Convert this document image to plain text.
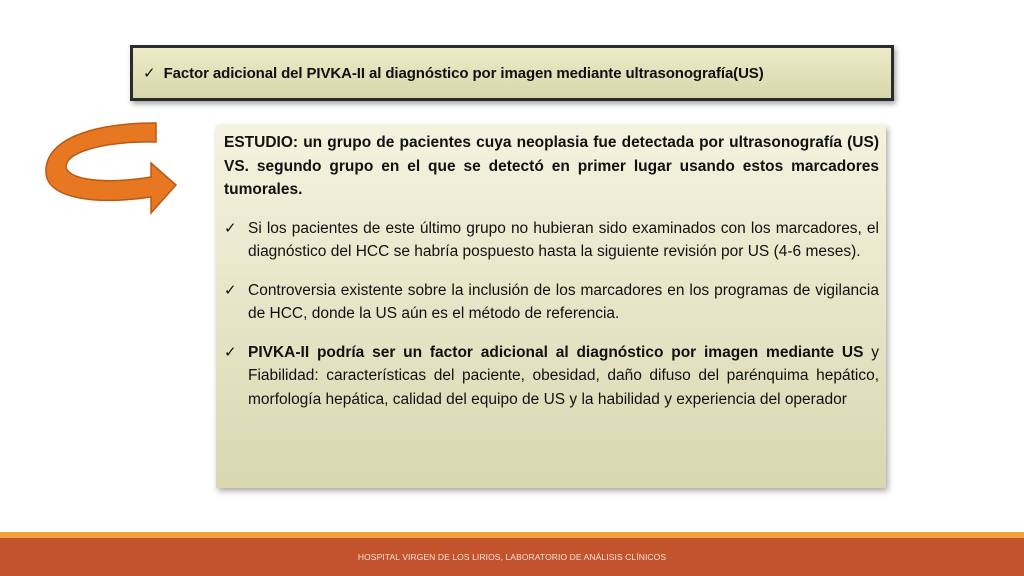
✓ Factor adicional del PIVKA-II al diagnóstico por imagen mediante ultrasonografía(US)

ESTUDIO: un grupo de pacientes cuya neoplasia fue detectada por ultrasonografía (US) VS. segundo grupo en el que se detectó en primer lugar usando estos marcadores tumorales.

✓ Si los pacientes de este último grupo no hubieran sido examinados con los marcadores, el diagnóstico del HCC se habría pospuesto hasta la siguiente revisión por US (4-6 meses).
✓ Controversia existente sobre la inclusión de los marcadores en los programas de vigilancia de HCC, donde la US aún es el método de referencia.
✓ PIVKA-II podría ser un factor adicional al diagnóstico por imagen mediante US y Fiabilidad: características del paciente, obesidad, daño difuso del parénquima hepático, morfología hepática, calidad del equipo de US y la habilidad y experiencia del operador
HOSPITAL VIRGEN DE LOS LIRIOS, LABORATORIO DE ANÁLISIS CLÍNICOS
